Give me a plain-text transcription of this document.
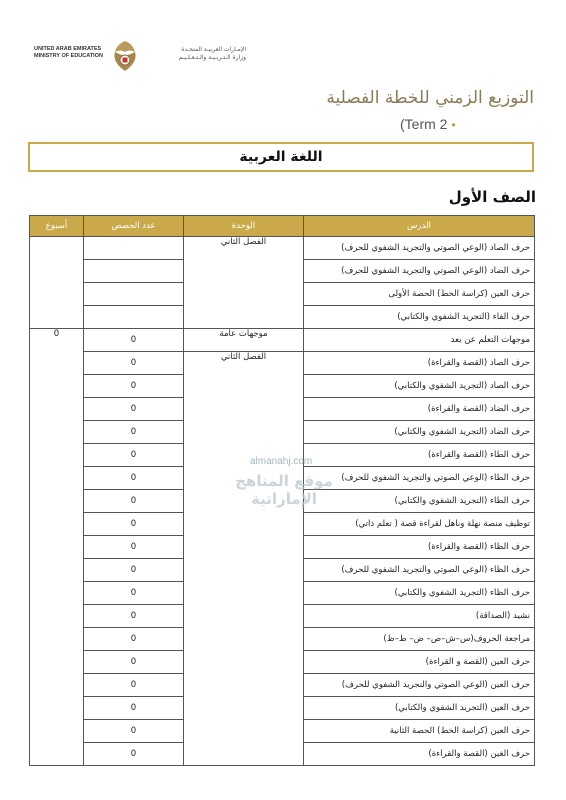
UNITED ARAB EMIRATES
MINISTRY OF EDUCATION
الإمـارات العربيـة المتحـدة
وزارة الـتـربـيـة والـتـعـلـيـم
التوزيع الزمني للخطة الفصلية
(Term 2 •
اللغة العربية
الصف الأول
الدرس	الوحدة	عدد الحصص	أسبوع
حرف الصاد (الوعي الصوتي والتجريد الشفوي للحرف)	الفصل الثاني		
حرف الضاد (الوعي الصوتي والتجريد الشفوي للحرف)			
حرف العين (كراسة الخط) الحصة الأولى			
حرف الفاء (التجريد الشفوي والكتابي)			
موجهات التعلم عن بعد	موجهات عامة	0	0
حرف الصاد (القصة والقراءة)	الفصل الثاني	0	
حرف الصاد (التجريد الشفوي والكتابي)		0	
حرف الضاد (القصة والقراءة)		0	
حرف الضاد (التجريد الشفوي والكتابي)		0	
حرف الطاء (القصة والقراءة)		0	
حرف الطاء (الوعي الصوتي والتجريد الشفوي للحرف)		0	
حرف الطاء (التجريد الشفوي والكتابي)		0	
توظيف منصة نهلة وناهل لقراءة قصة ( تعلم ذاتي)		0	
حرف الظاء (القصة والقراءة)		0	
حرف الظاء (الوعي الصوتي والتجريد الشفوي للحرف)		0	
حرف الظاء (التجريد الشفوي والكتابي)		0	
نشيد (الصداقة)		0	
مراجعة الحروف(س–ش–ص– ض– ط–ظ)		0	
حرف العين (القصة و القراءة)		0	
حرف العين (الوعي الصوتي والتجريد الشفوي للحرف)		0	
حرف العين (التجريد الشفوي والكتابي)		0	
حرف العين (كراسة الخط) الحصة الثانية		0	
حرف الغين (القصة والقراءة)		0	
almanahj.com
موقع المناهج الإماراتية
